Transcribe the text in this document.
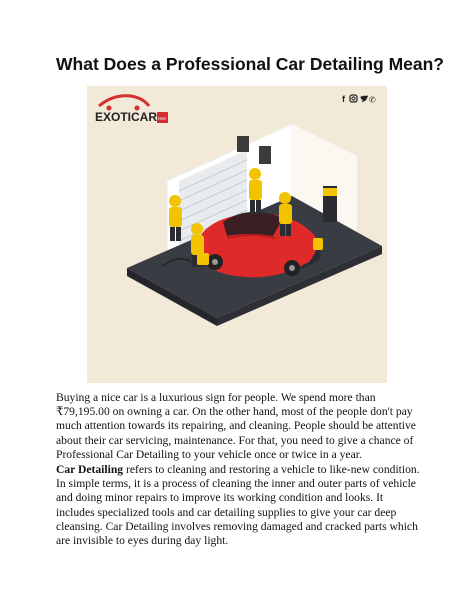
What Does a Professional Car Detailing Mean?
EXOTICAR rent
f	✆
Buying a nice car is a luxurious sign for people. We spend more than ₹79,195.00 on owning a car. On the other hand, most of the people don't pay much attention towards its repairing, and cleaning. People should be attentive about their car servicing, maintenance. For that, you need to give a chance of Professional Car Detailing to your vehicle once or twice in a year.
Car Detailing refers to cleaning and restoring a vehicle to like-new condition. In simple terms, it is a process of cleaning the inner and outer parts of vehicle and doing minor repairs to improve its working condition and looks. It includes specialized tools and car detailing supplies to give your car deep cleansing. Car Detailing involves removing damaged and cracked parts which are invisible to eyes during day light.
